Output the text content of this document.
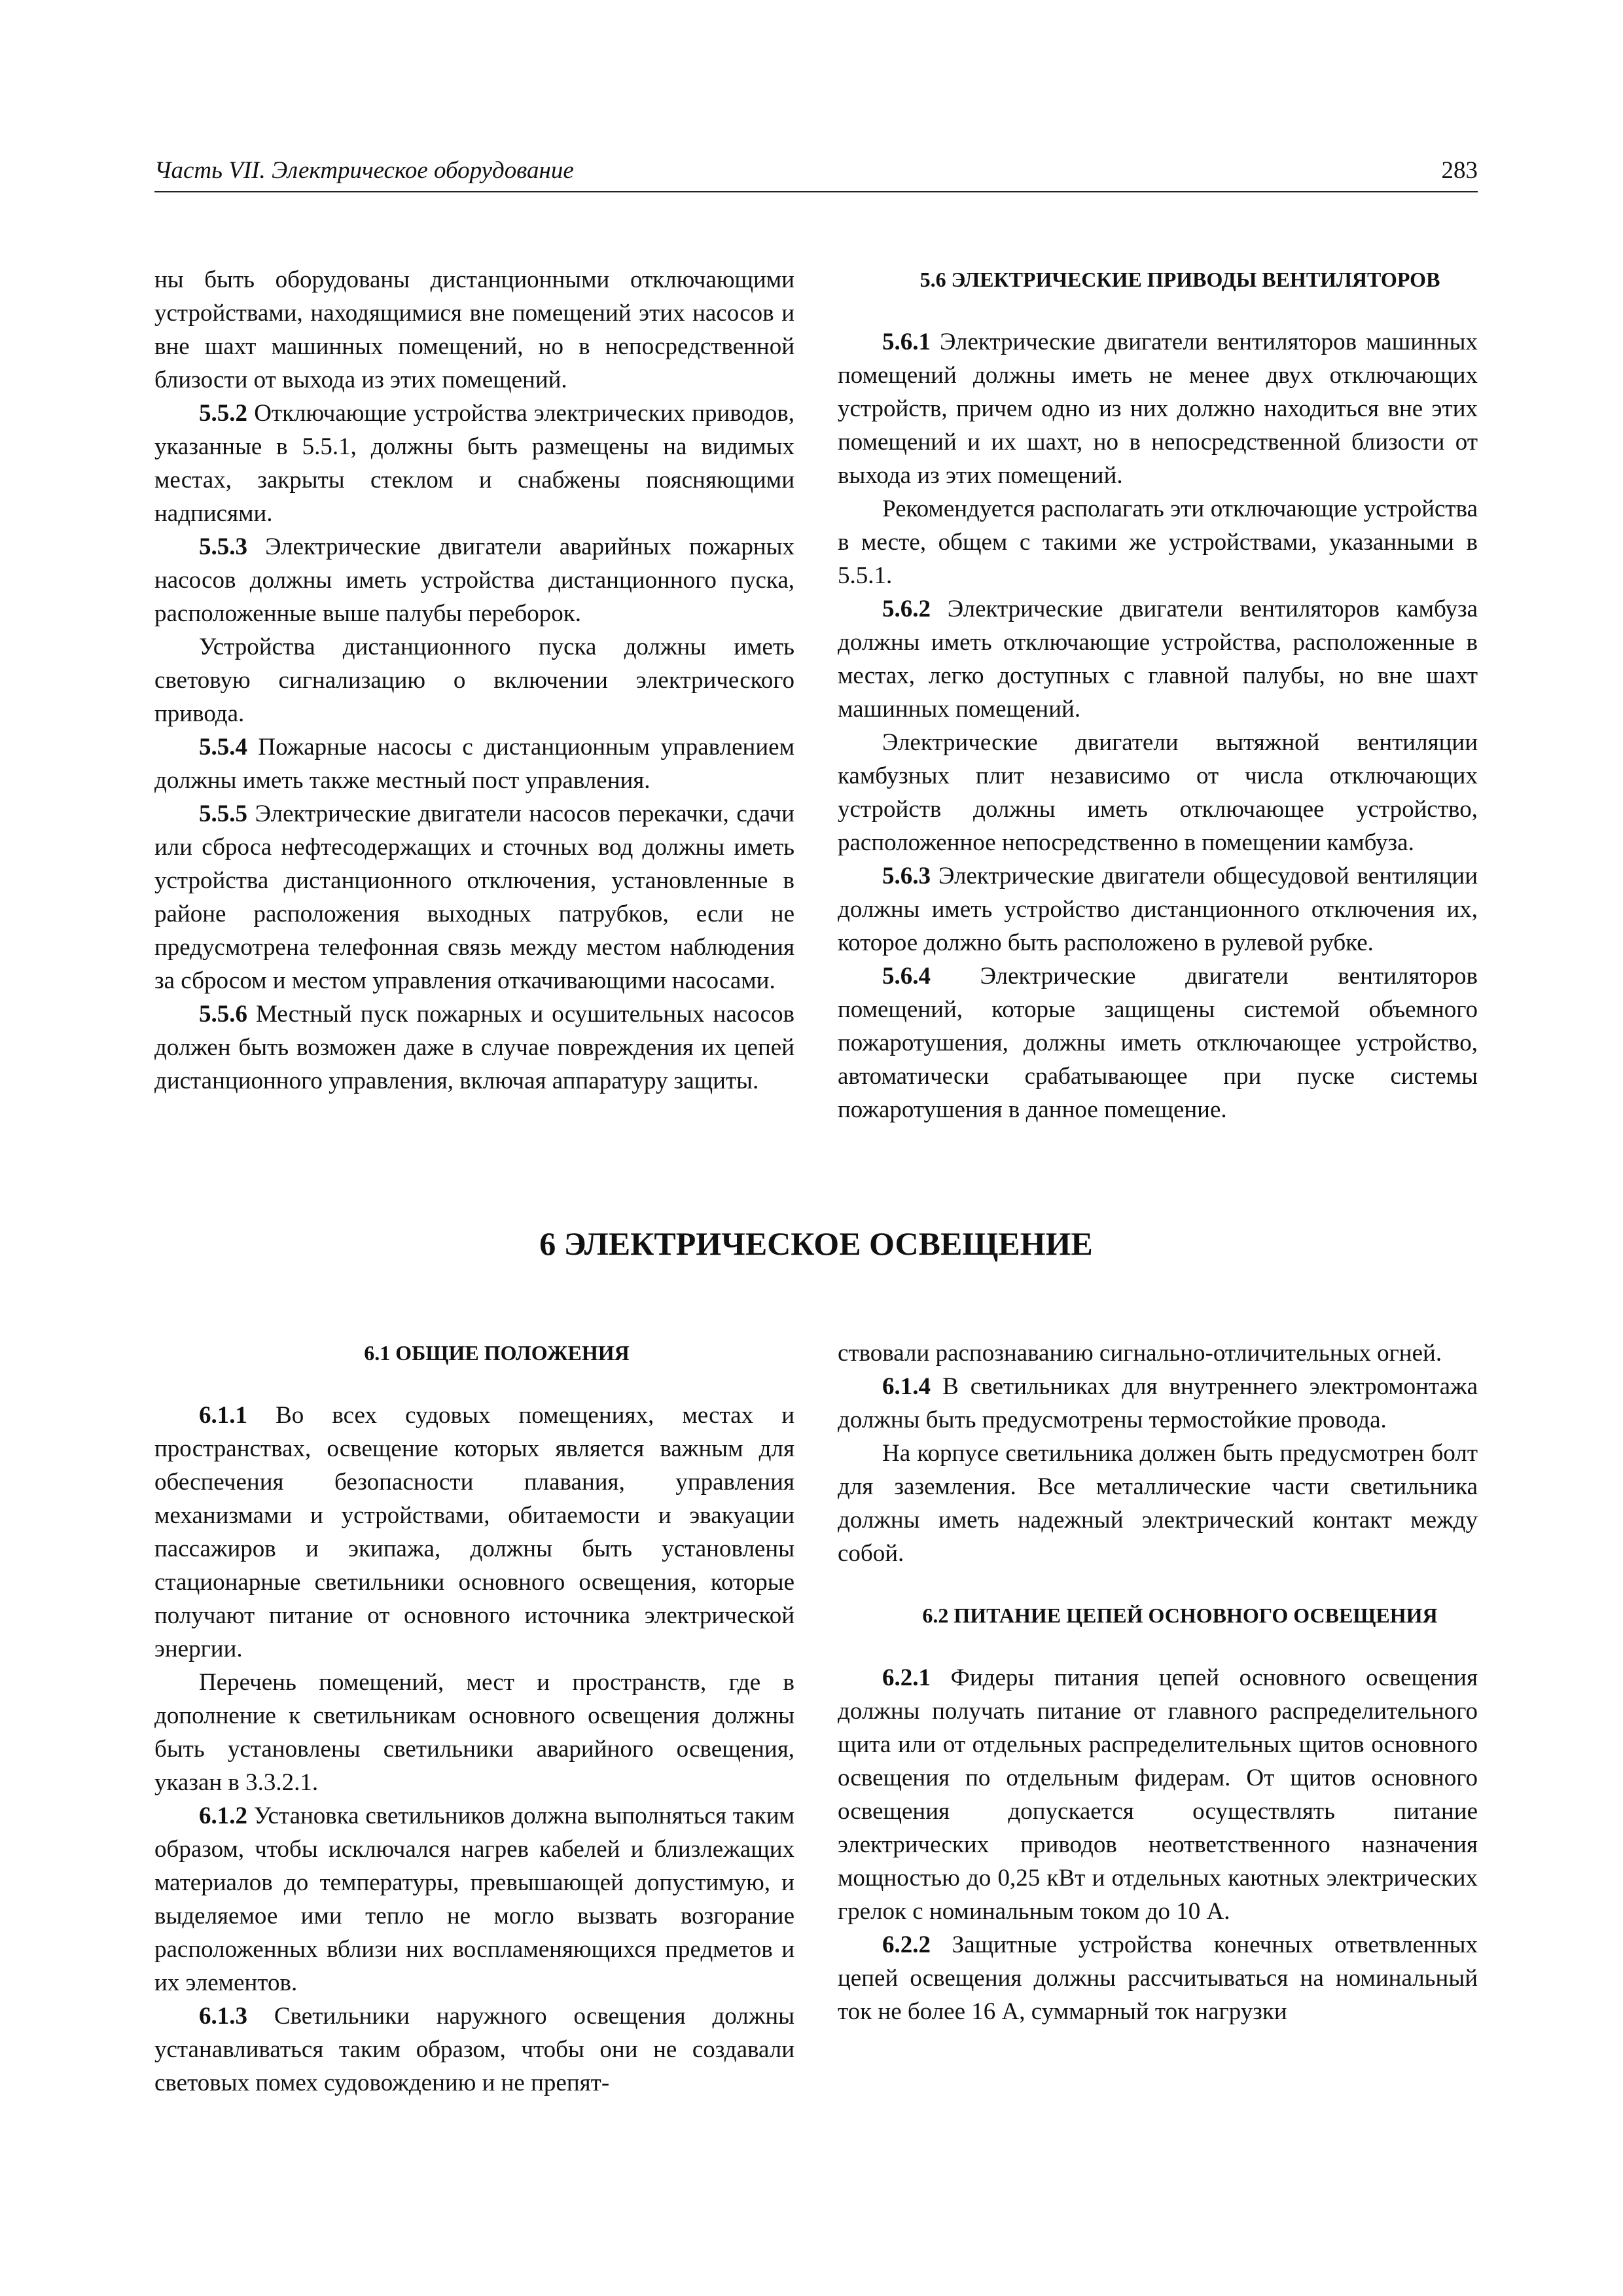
Часть VII. Электрическое оборудование	283

ны быть оборудованы дистанционными отключающими устройствами, находящимися вне помещений этих насосов и вне шахт машинных помещений, но в непосредственной близости от выхода из этих помещений.

5.5.2 Отключающие устройства электрических приводов, указанные в 5.5.1, должны быть размещены на видимых местах, закрыты стеклом и снабжены поясняющими надписями.

5.5.3 Электрические двигатели аварийных пожарных насосов должны иметь устройства дистанционного пуска, расположенные выше палубы переборок.

Устройства дистанционного пуска должны иметь световую сигнализацию о включении электрического привода.

5.5.4 Пожарные насосы с дистанционным управлением должны иметь также местный пост управления.

5.5.5 Электрические двигатели насосов перекачки, сдачи или сброса нефтесодержащих и сточных вод должны иметь устройства дистанционного отключения, установленные в районе расположения выходных патрубков, если не предусмотрена телефонная связь между местом наблюдения за сбросом и местом управления откачивающими насосами.

5.5.6 Местный пуск пожарных и осушительных насосов должен быть возможен даже в случае повреждения их цепей дистанционного управления, включая аппаратуру защиты.

5.6 ЭЛЕКТРИЧЕСКИЕ ПРИВОДЫ ВЕНТИЛЯТОРОВ

5.6.1 Электрические двигатели вентиляторов машинных помещений должны иметь не менее двух отключающих устройств, причем одно из них должно находиться вне этих помещений и их шахт, но в непосредственной близости от выхода из этих помещений.

Рекомендуется располагать эти отключающие устройства в месте, общем с такими же устройствами, указанными в 5.5.1.

5.6.2 Электрические двигатели вентиляторов камбуза должны иметь отключающие устройства, расположенные в местах, легко доступных с главной палубы, но вне шахт машинных помещений.

Электрические двигатели вытяжной вентиляции камбузных плит независимо от числа отключающих устройств должны иметь отключающее устройство, расположенное непосредственно в помещении камбуза.

5.6.3 Электрические двигатели общесудовой вентиляции должны иметь устройство дистанционного отключения их, которое должно быть расположено в рулевой рубке.

5.6.4 Электрические двигатели вентиляторов помещений, которые защищены системой объемного пожаротушения, должны иметь отключающее устройство, автоматически срабатывающее при пуске системы пожаротушения в данное помещение.

6 ЭЛЕКТРИЧЕСКОЕ ОСВЕЩЕНИЕ

6.1 ОБЩИЕ ПОЛОЖЕНИЯ

6.1.1 Во всех судовых помещениях, местах и пространствах, освещение которых является важным для обеспечения безопасности плавания, управления механизмами и устройствами, обитаемости и эвакуации пассажиров и экипажа, должны быть установлены стационарные светильники основного освещения, которые получают питание от основного источника электрической энергии.

Перечень помещений, мест и пространств, где в дополнение к светильникам основного освещения должны быть установлены светильники аварийного освещения, указан в 3.3.2.1.

6.1.2 Установка светильников должна выполняться таким образом, чтобы исключался нагрев кабелей и близлежащих материалов до температуры, превышающей допустимую, и выделяемое ими тепло не могло вызвать возгорание расположенных вблизи них воспламеняющихся предметов и их элементов.

6.1.3 Светильники наружного освещения должны устанавливаться таким образом, чтобы они не создавали световых помех судовождению и не препят-

ствовали распознаванию сигнально-отличительных огней.

6.1.4 В светильниках для внутреннего электромонтажа должны быть предусмотрены термостойкие провода.

На корпусе светильника должен быть предусмотрен болт для заземления. Все металлические части светильника должны иметь надежный электрический контакт между собой.

6.2 ПИТАНИЕ ЦЕПЕЙ ОСНОВНОГО ОСВЕЩЕНИЯ

6.2.1 Фидеры питания цепей основного освещения должны получать питание от главного распределительного щита или от отдельных распределительных щитов основного освещения по отдельным фидерам. От щитов основного освещения допускается осуществлять питание электрических приводов неответственного назначения мощностью до 0,25 кВт и отдельных каютных электрических грелок с номинальным током до 10 А.

6.2.2 Защитные устройства конечных ответвленных цепей освещения должны рассчитываться на номинальный ток не более 16 А, суммарный ток нагрузки
